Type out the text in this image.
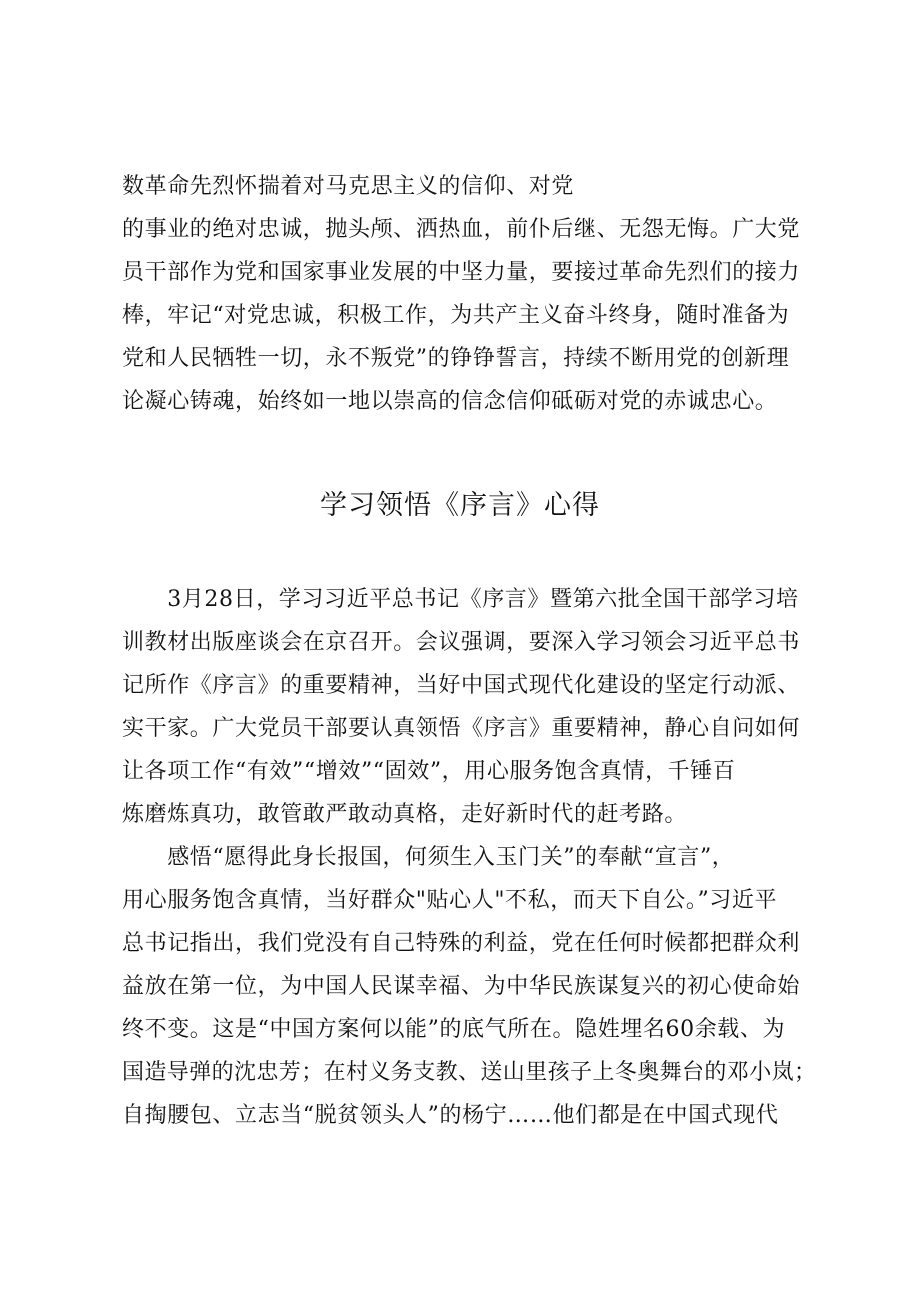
数革命先烈怀揣着对马克思主义的信仰、对党
的事业的绝对忠诚，抛头颅、洒热血，前仆后继、无怨无悔。广大党
员干部作为党和国家事业发展的中坚力量，要接过革命先烈们的接力
棒，牢记“对党忠诚，积极工作，为共产主义奋斗终身，随时准备为
党和人民牺牲一切，永不叛党”的铮铮誓言，持续不断用党的创新理
论凝心铸魂，始终如一地以崇高的信念信仰砥砺对党的赤诚忠心。
学习领悟《序言》心得
　　3月28日，学习习近平总书记《序言》暨第六批全国干部学习培
训教材出版座谈会在京召开。会议强调，要深入学习领会习近平总书
记所作《序言》的重要精神，当好中国式现代化建设的坚定行动派、
实干家。广大党员干部要认真领悟《序言》重要精神，静心自问如何
让各项工作“有效”“增效”“固效”，用心服务饱含真情，千锤百
炼磨炼真功，敢管敢严敢动真格，走好新时代的赶考路。
　　感悟“愿得此身长报国，何须生入玉门关”的奉献“宣言”，
用心服务饱含真情，当好群众"贴心人"不私，而天下自公。”习近平
总书记指出，我们党没有自己特殊的利益，党在任何时候都把群众利
益放在第一位，为中国人民谋幸福、为中华民族谋复兴的初心使命始
终不变。这是“中国方案何以能”的底气所在。隐姓埋名60余载、为
国造导弹的沈忠芳；在村义务支教、送山里孩子上冬奥舞台的邓小岚；
自掏腰包、立志当“脱贫领头人”的杨宁……他们都是在中国式现代
